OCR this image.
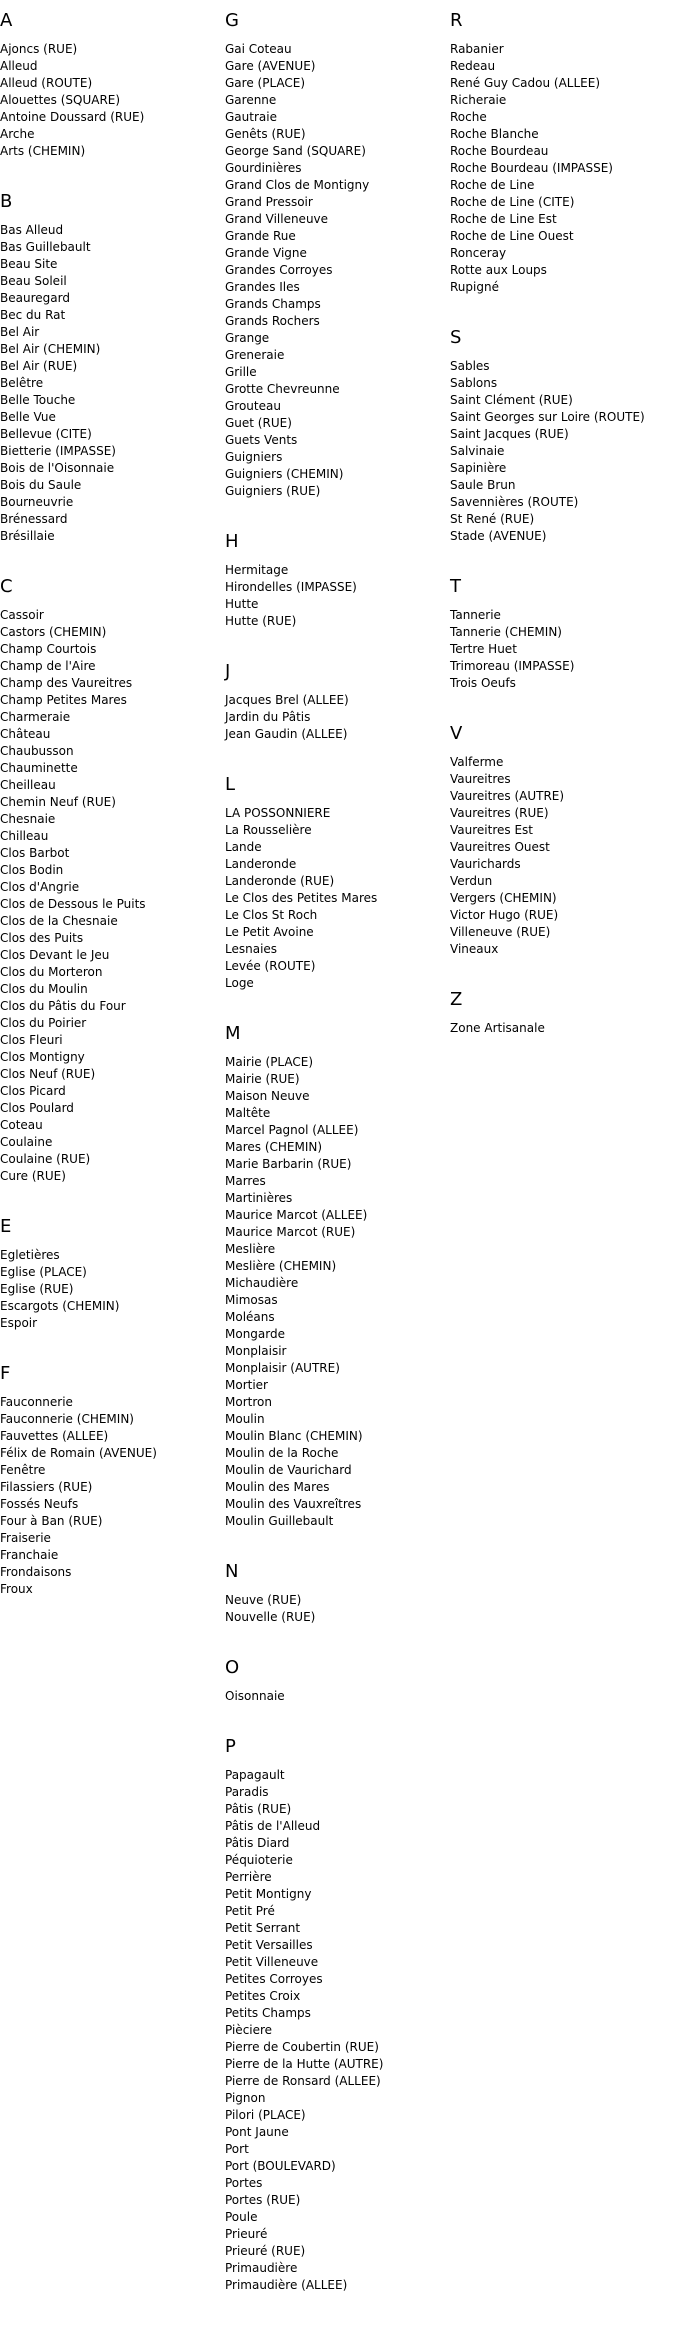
A
Ajoncs (RUE)
Alleud
Alleud (ROUTE)
Alouettes (SQUARE)
Antoine Doussard (RUE)
Arche
Arts (CHEMIN)
B
Bas Alleud
Bas Guillebault
Beau Site
Beau Soleil
Beauregard
Bec du Rat
Bel Air
Bel Air (CHEMIN)
Bel Air (RUE)
Belêtre
Belle Touche
Belle Vue
Bellevue (CITE)
Bietterie (IMPASSE)
Bois de l'Oisonnaie
Bois du Saule
Bourneuvrie
Brénessard
Brésillaie
C
Cassoir
Castors (CHEMIN)
Champ Courtois
Champ de l'Aire
Champ des Vaureitres
Champ Petites Mares
Charmeraie
Château
Chaubusson
Chauminette
Cheilleau
Chemin Neuf (RUE)
Chesnaie
Chilleau
Clos Barbot
Clos Bodin
Clos d'Angrie
Clos de Dessous le Puits
Clos de la Chesnaie
Clos des Puits
Clos Devant le Jeu
Clos du Morteron
Clos du Moulin
Clos du Pâtis du Four
Clos du Poirier
Clos Fleuri
Clos Montigny
Clos Neuf (RUE)
Clos Picard
Clos Poulard
Coteau
Coulaine
Coulaine (RUE)
Cure (RUE)
E
Egletières
Eglise (PLACE)
Eglise (RUE)
Escargots (CHEMIN)
Espoir
F
Fauconnerie
Fauconnerie (CHEMIN)
Fauvettes (ALLEE)
Félix de Romain (AVENUE)
Fenêtre
Filassiers (RUE)
Fossés Neufs
Four à Ban (RUE)
Fraiserie
Franchaie
Frondaisons
Froux
G
Gai Coteau
Gare (AVENUE)
Gare (PLACE)
Garenne
Gautraie
Genêts (RUE)
George Sand (SQUARE)
Gourdinières
Grand Clos de Montigny
Grand Pressoir
Grand Villeneuve
Grande Rue
Grande Vigne
Grandes Corroyes
Grandes Iles
Grands Champs
Grands Rochers
Grange
Greneraie
Grille
Grotte Chevreunne
Grouteau
Guet (RUE)
Guets Vents
Guigniers
Guigniers (CHEMIN)
Guigniers (RUE)
H
Hermitage
Hirondelles (IMPASSE)
Hutte
Hutte (RUE)
J
Jacques Brel (ALLEE)
Jardin du Pâtis
Jean Gaudin (ALLEE)
L
LA POSSONNIERE
La Rousselière
Lande
Landeronde
Landeronde (RUE)
Le Clos des Petites Mares
Le Clos St Roch
Le Petit Avoine
Lesnaies
Levée (ROUTE)
Loge
M
Mairie (PLACE)
Mairie (RUE)
Maison Neuve
Maltête
Marcel Pagnol (ALLEE)
Mares (CHEMIN)
Marie Barbarin (RUE)
Marres
Martinières
Maurice Marcot (ALLEE)
Maurice Marcot (RUE)
Meslière
Meslière (CHEMIN)
Michaudière
Mimosas
Moléans
Mongarde
Monplaisir
Monplaisir (AUTRE)
Mortier
Mortron
Moulin
Moulin Blanc (CHEMIN)
Moulin de la Roche
Moulin de Vaurichard
Moulin des Mares
Moulin des Vauxreîtres
Moulin Guillebault
N
Neuve (RUE)
Nouvelle (RUE)
O
Oisonnaie
P
Papagault
Paradis
Pâtis (RUE)
Pâtis de l'Alleud
Pâtis Diard
Péquioterie
Perrière
Petit Montigny
Petit Pré
Petit Serrant
Petit Versailles
Petit Villeneuve
Petites Corroyes
Petites Croix
Petits Champs
Pièciere
Pierre de Coubertin (RUE)
Pierre de la Hutte (AUTRE)
Pierre de Ronsard (ALLEE)
Pignon
Pilori (PLACE)
Pont Jaune
Port
Port (BOULEVARD)
Portes
Portes (RUE)
Poule
Prieuré
Prieuré (RUE)
Primaudière
Primaudière (ALLEE)
R
Rabanier
Redeau
René Guy Cadou (ALLEE)
Richeraie
Roche
Roche Blanche
Roche Bourdeau
Roche Bourdeau (IMPASSE)
Roche de Line
Roche de Line (CITE)
Roche de Line Est
Roche de Line Ouest
Ronceray
Rotte aux Loups
Rupigné
S
Sables
Sablons
Saint Clément (RUE)
Saint Georges sur Loire (ROUTE)
Saint Jacques (RUE)
Salvinaie
Sapinière
Saule Brun
Savennières (ROUTE)
St René (RUE)
Stade (AVENUE)
T
Tannerie
Tannerie (CHEMIN)
Tertre Huet
Trimoreau (IMPASSE)
Trois Oeufs
V
Valferme
Vaureitres
Vaureitres (AUTRE)
Vaureitres (RUE)
Vaureitres Est
Vaureitres Ouest
Vaurichards
Verdun
Vergers (CHEMIN)
Victor Hugo (RUE)
Villeneuve (RUE)
Vineaux
Z
Zone Artisanale
